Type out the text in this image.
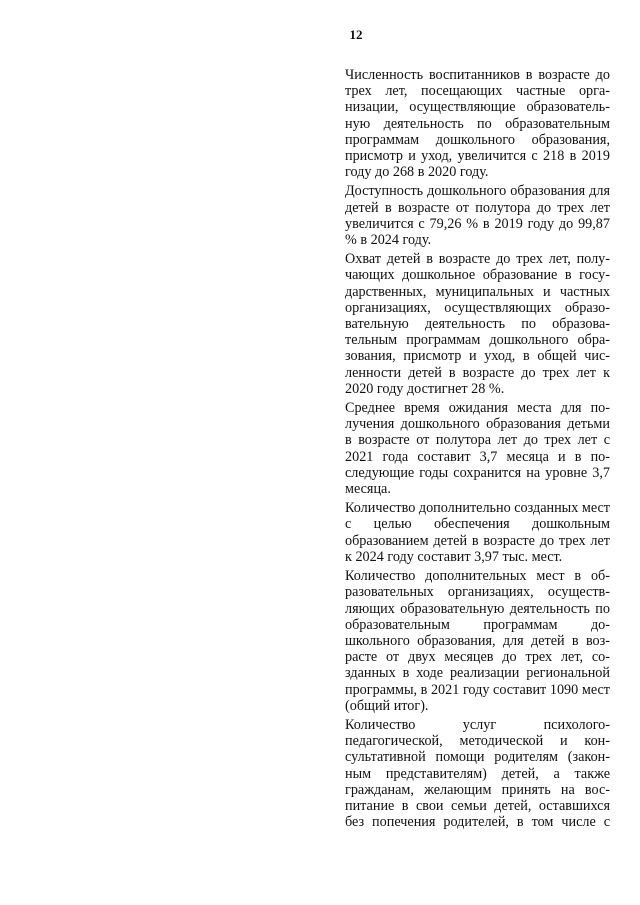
12

Численность воспитанников в возрасте до трех лет, посещающих частные организации, осуществляющие образовательную деятельность по образовательным программам дошкольного образования, присмотр и уход, увеличится с 218 в 2019 году до 268 в 2020 году.

Доступность дошкольного образования для детей в возрасте от полутора до трех лет увеличится с 79,26 % в 2019 году до 99,87 % в 2024 году.

Охват детей в возрасте до трех лет, получающих дошкольное образование в государственных, муниципальных и частных организациях, осуществляющих образовательную деятельность по образовательным программам дошкольного образования, присмотр и уход, в общей численности детей в возрасте до трех лет к 2020 году достигнет 28 %.

Среднее время ожидания места для получения дошкольного образования детьми в возрасте от полутора лет до трех лет с 2021 года составит 3,7 месяца и в последующие годы сохранится на уровне 3,7 месяца.

Количество дополнительно созданных мест с целью обеспечения дошкольным образованием детей в возрасте до трех лет к 2024 году составит 3,97 тыс. мест.

Количество дополнительных мест в образовательных организациях, осуществляющих образовательную деятельность по образовательным программам дошкольного образования, для детей в возрасте от двух месяцев до трех лет, созданных в ходе реализации региональной программы, в 2021 году составит 1090 мест (общий итог).

Количество услуг психолого-педагогической, методической и консультативной помощи родителям (законным представителям) детей, а также гражданам, желающим принять на воспитание в свои семьи детей, оставшихся без попечения родителей, в том числе с
